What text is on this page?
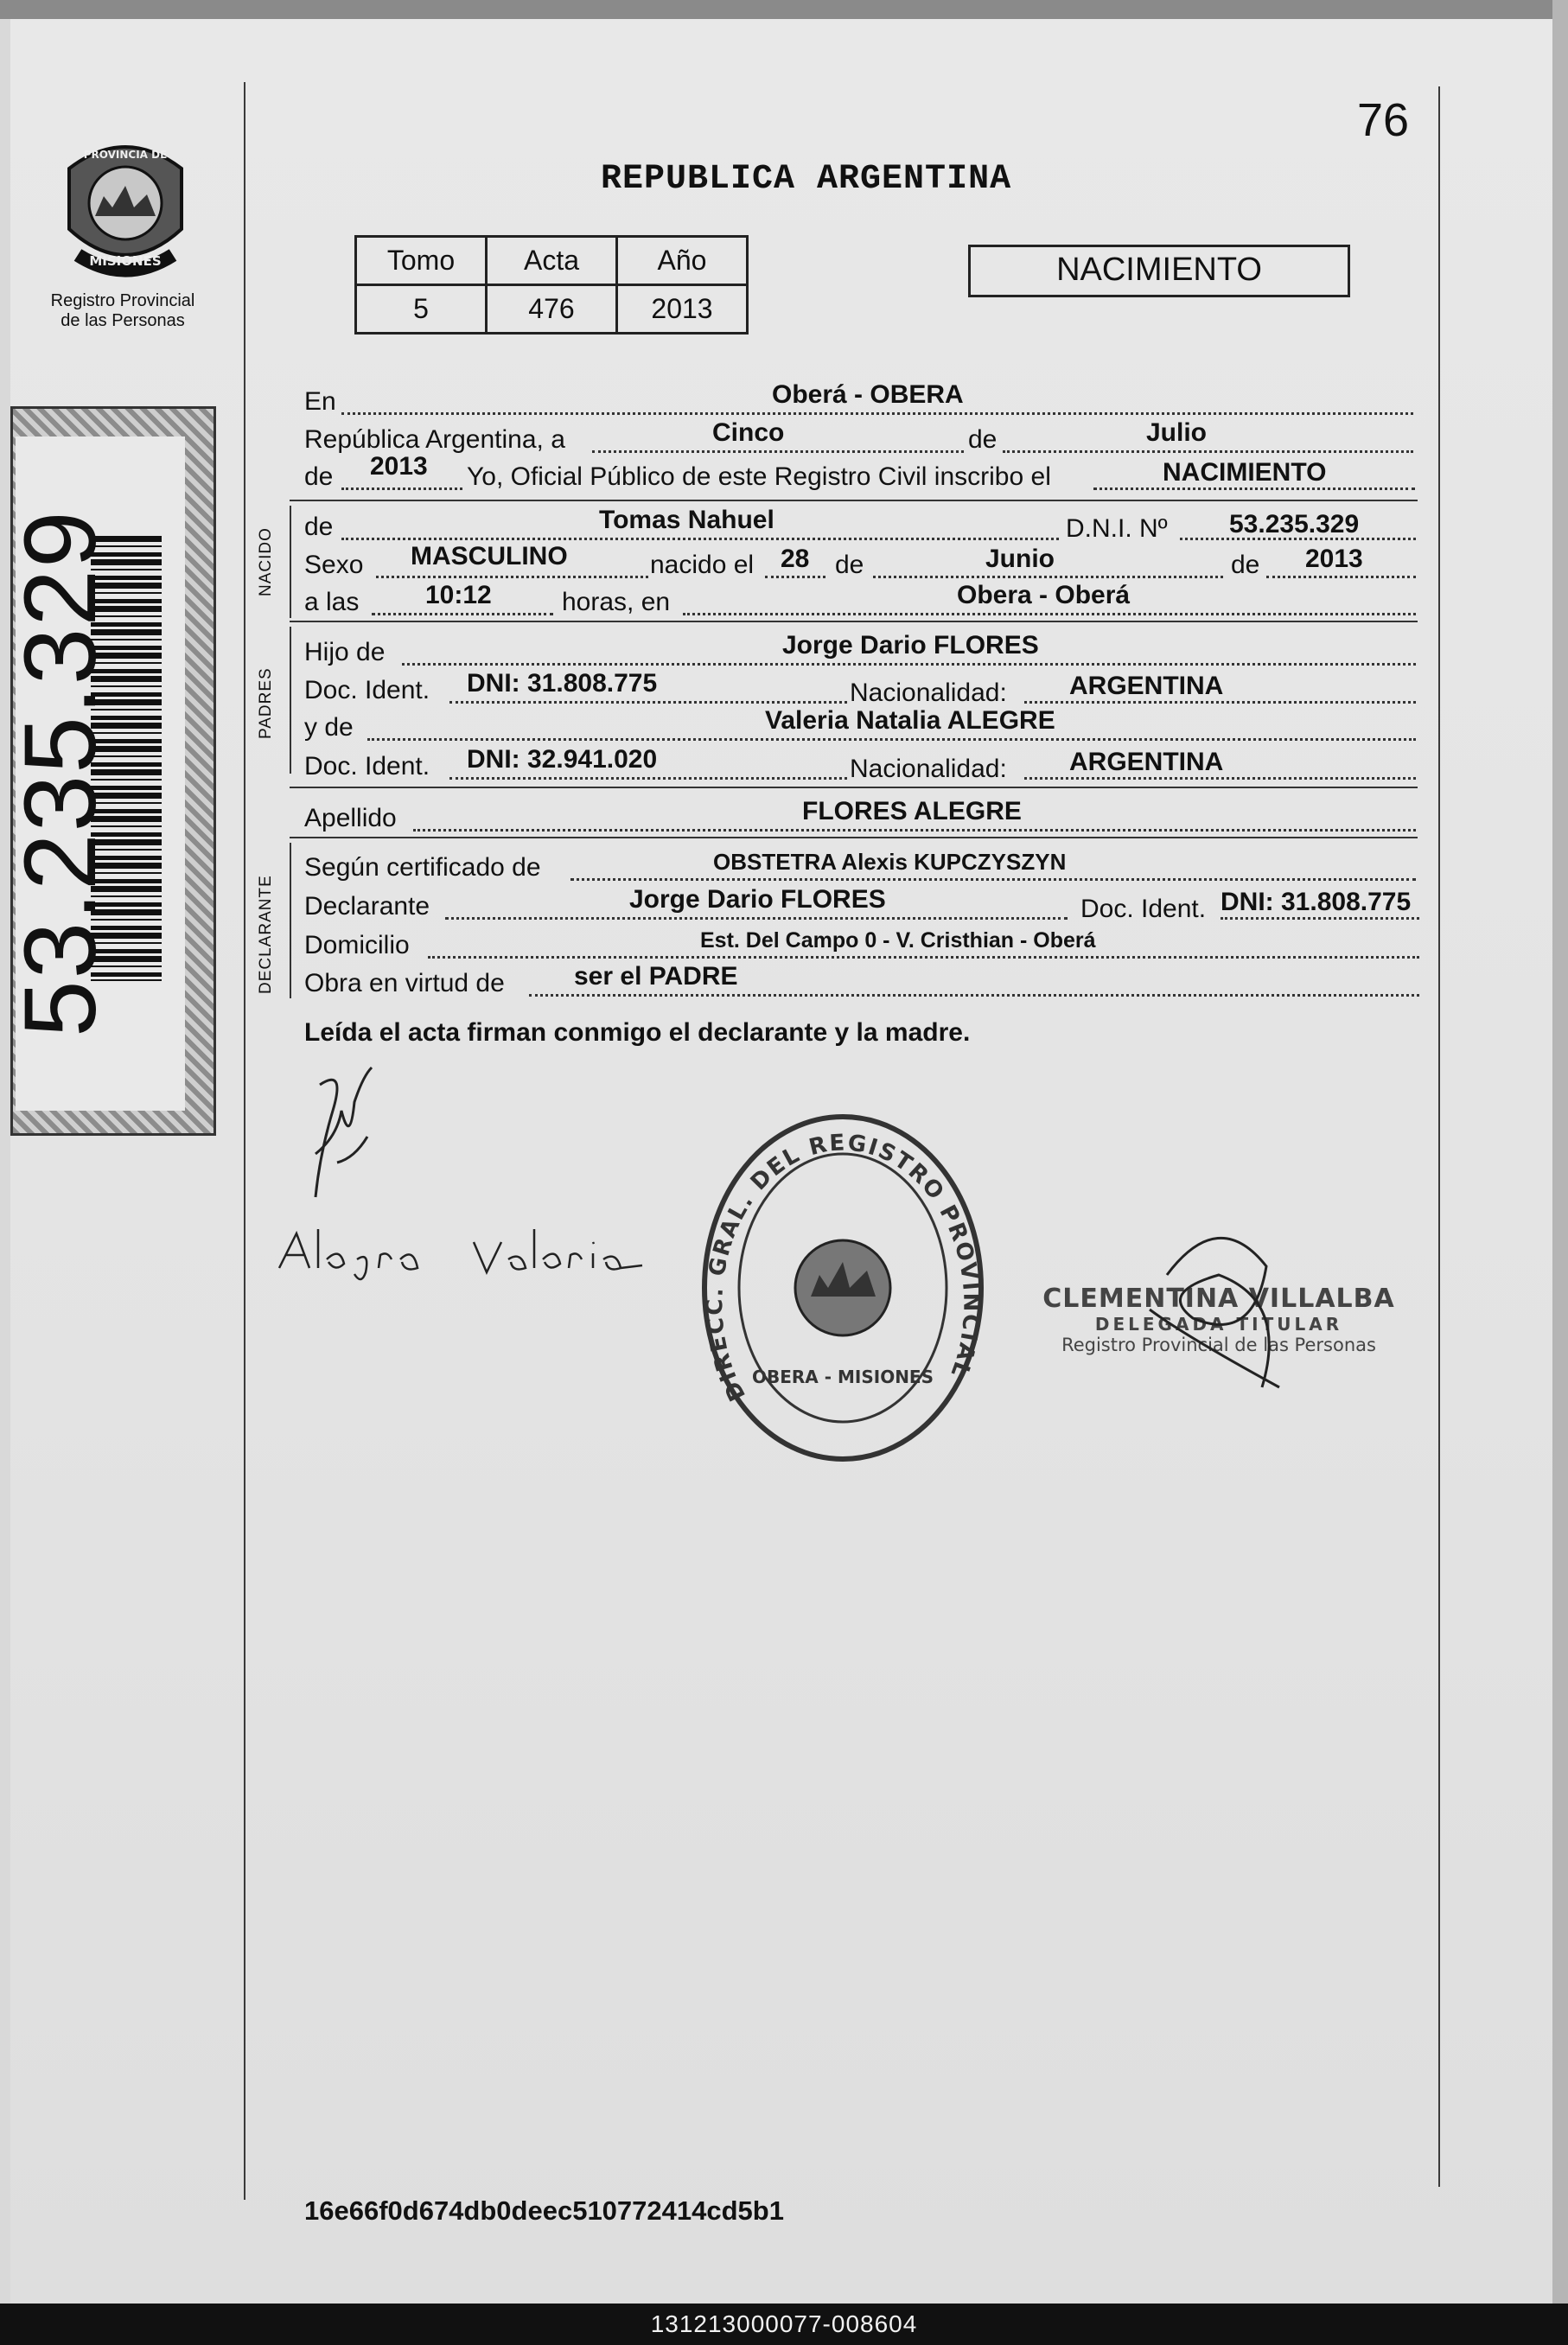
76
MISIONES
PROVINCIA DE
Registro Provincial
de las Personas
53.235.329
REPUBLICA ARGENTINA
Tomo	Acta	Año
5	476	2013
NACIMIENTO
En	Oberá - OBERA
República Argentina, a	Cinco	de	Julio
de 2013 Yo, Oficial Público de este Registro Civil inscribo el	NACIMIENTO
NACIDO
de	Tomas Nahuel	D.N.I. Nº 53.235.329
Sexo MASCULINO	nacido el 28 de	Junio	de 2013
a las	10:12	horas, en	Obera - Oberá
PADRES
Hijo de	Jorge Dario FLORES
Doc. Ident. DNI: 31.808.775	Nacionalidad: ARGENTINA
y de	Valeria Natalia ALEGRE
Doc. Ident. DNI: 32.941.020	Nacionalidad: ARGENTINA
Apellido	FLORES ALEGRE
DECLARANTE
Según certificado de	OBSTETRA Alexis KUPCZYSZYN
Declarante	Jorge Dario FLORES	Doc. Ident. DNI: 31.808.775
Domicilio	Est. Del Campo 0 - V. Cristhian - Oberá
Obra en virtud de	ser el PADRE
Leída el acta firman conmigo el declarante y la madre.
DIRECC. GRAL. DEL REGISTRO PROVINCIAL
OBERA - MISIONES
CLEMENTINA VILLALBA
DELEGADA TITULAR
Registro Provincial de las Personas
16e66f0d674db0deec510772414cd5b1
131213000077-008604
